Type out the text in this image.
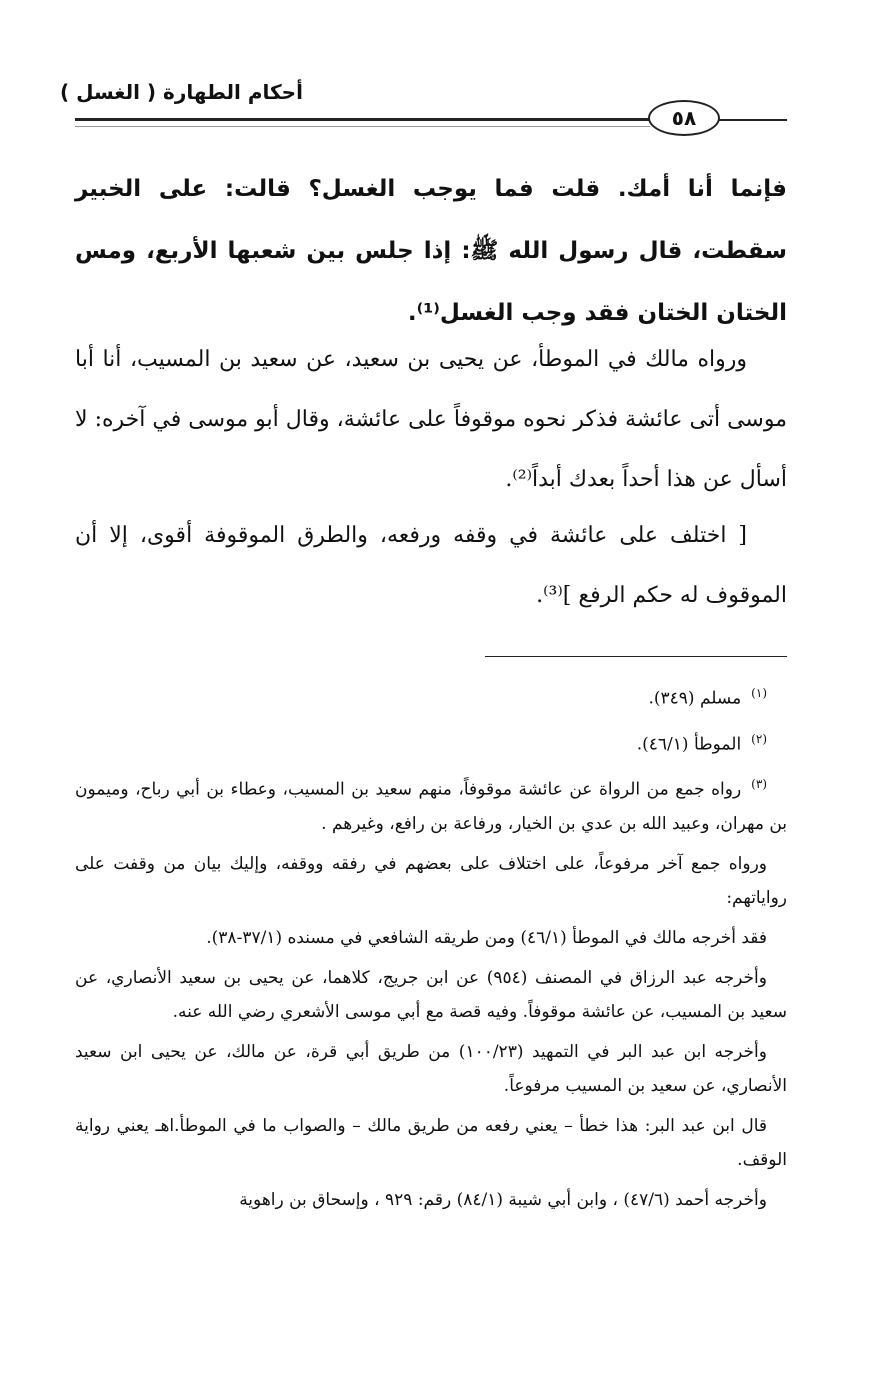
أحكام الطهارة ( الغسل )
٥٨
فإنما أنا أمك. قلت فما يوجب الغسل؟ قالت: على الخبير سقطت، قال رسول الله ﷺ: إذا جلس بين شعبها الأربع، ومس الختان الختان فقد وجب الغسل⁽¹⁾.
ورواه مالك في الموطأ، عن يحيى بن سعيد، عن سعيد بن المسيب، أنا أبا موسى أتى عائشة فذكر نحوه موقوفاً على عائشة، وقال أبو موسى في آخره: لا أسأل عن هذا أحداً بعدك أبداً⁽²⁾.
[ اختلف على عائشة في وقفه ورفعه، والطرق الموقوفة أقوى، إلا أن الموقوف له حكم الرفع ]⁽³⁾.

$^{(١)}$مسلم (٣٤٩).

$^{(٢)}$الموطأ (٤٦/١).

$^{(٣)}$رواه جمع من الرواة عن عائشة موقوفاً، منهم سعيد بن المسيب، وعطاء بن أبي رباح، وميمون بن مهران، وعبيد الله بن عدي بن الخيار، ورفاعة بن رافع، وغيرهم .

ورواه جمع آخر مرفوعاً، على اختلاف على بعضهم في رفقه ووقفه، وإليك بيان من وقفت على رواياتهم:

فقد أخرجه مالك في الموطأ (٤٦/١) ومن طريقه الشافعي في مسنده (٣٧/١-٣٨).

وأخرجه عبد الرزاق في المصنف (٩٥٤) عن ابن جريج، كلاهما، عن يحيى بن سعيد الأنصاري، عن سعيد بن المسيب، عن عائشة موقوفاً. وفيه قصة مع أبي موسى الأشعري رضي الله عنه.

وأخرجه ابن عبد البر في التمهيد (١٠٠/٢٣) من طريق أبي قرة، عن مالك، عن يحيى ابن سعيد الأنصاري، عن سعيد بن المسيب مرفوعاً.

قال ابن عبد البر: هذا خطأ – يعني رفعه من طريق مالك – والصواب ما في الموطأ.اهـ يعني رواية الوقف.

وأخرجه أحمد (٤٧/٦) ، وابن أبي شيبة (٨٤/١) رقم: ٩٢٩ ، وإسحاق بن راهوية
